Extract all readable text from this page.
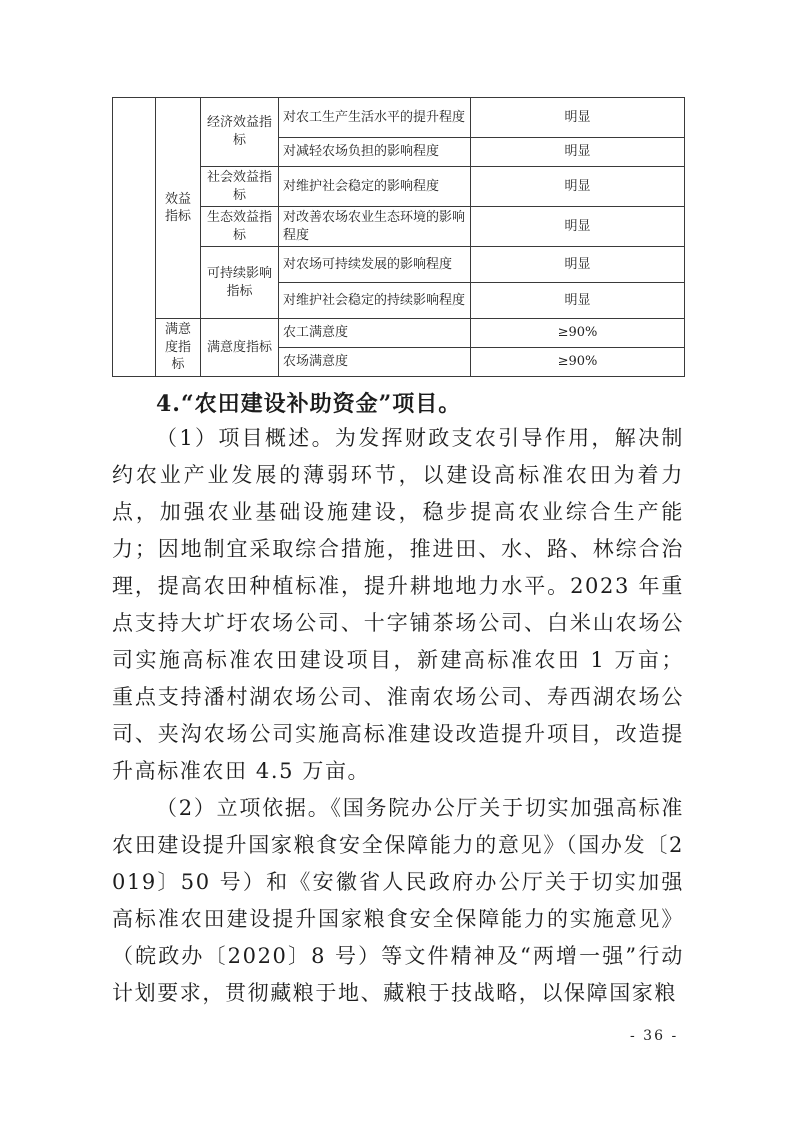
	效益指标	经济效益指标	对农工生产生活水平的提升程度	明显
			对减轻农场负担的影响程度	明显
		社会效益指标	对维护社会稳定的影响程度	明显
		生态效益指标	对改善农场农业生态环境的影响程度	明显
		可持续影响指标	对农场可持续发展的影响程度	明显
			对维护社会稳定的持续影响程度	明显
	满意度指标	满意度指标	农工满意度	≥90%
			农场满意度	≥90%
4.“农田建设补助资金”项目。

（1）项目概述。为发挥财政支农引导作用，解决制约农业产业发展的薄弱环节，以建设高标准农田为着力点，加强农业基础设施建设，稳步提高农业综合生产能力；因地制宜采取综合措施，推进田、水、路、林综合治理，提高农田种植标准，提升耕地地力水平。2023 年重点支持大圹圩农场公司、十字铺茶场公司、白米山农场公司实施高标准农田建设项目，新建高标准农田 1 万亩；重点支持潘村湖农场公司、淮南农场公司、寿西湖农场公司、夹沟农场公司实施高标准建设改造提升项目，改造提升高标准农田 4.5 万亩。

（2）立项依据。《国务院办公厅关于切实加强高标准农田建设提升国家粮食安全保障能力的意见》（国办发〔2019〕50 号）和《安徽省人民政府办公厅关于切实加强高标准农田建设提升国家粮食安全保障能力的实施意见》（皖政办〔2020〕8 号）等文件精神及“两增一强”行动计划要求，贯彻藏粮于地、藏粮于技战略，以保障国家粮

- 36 -
